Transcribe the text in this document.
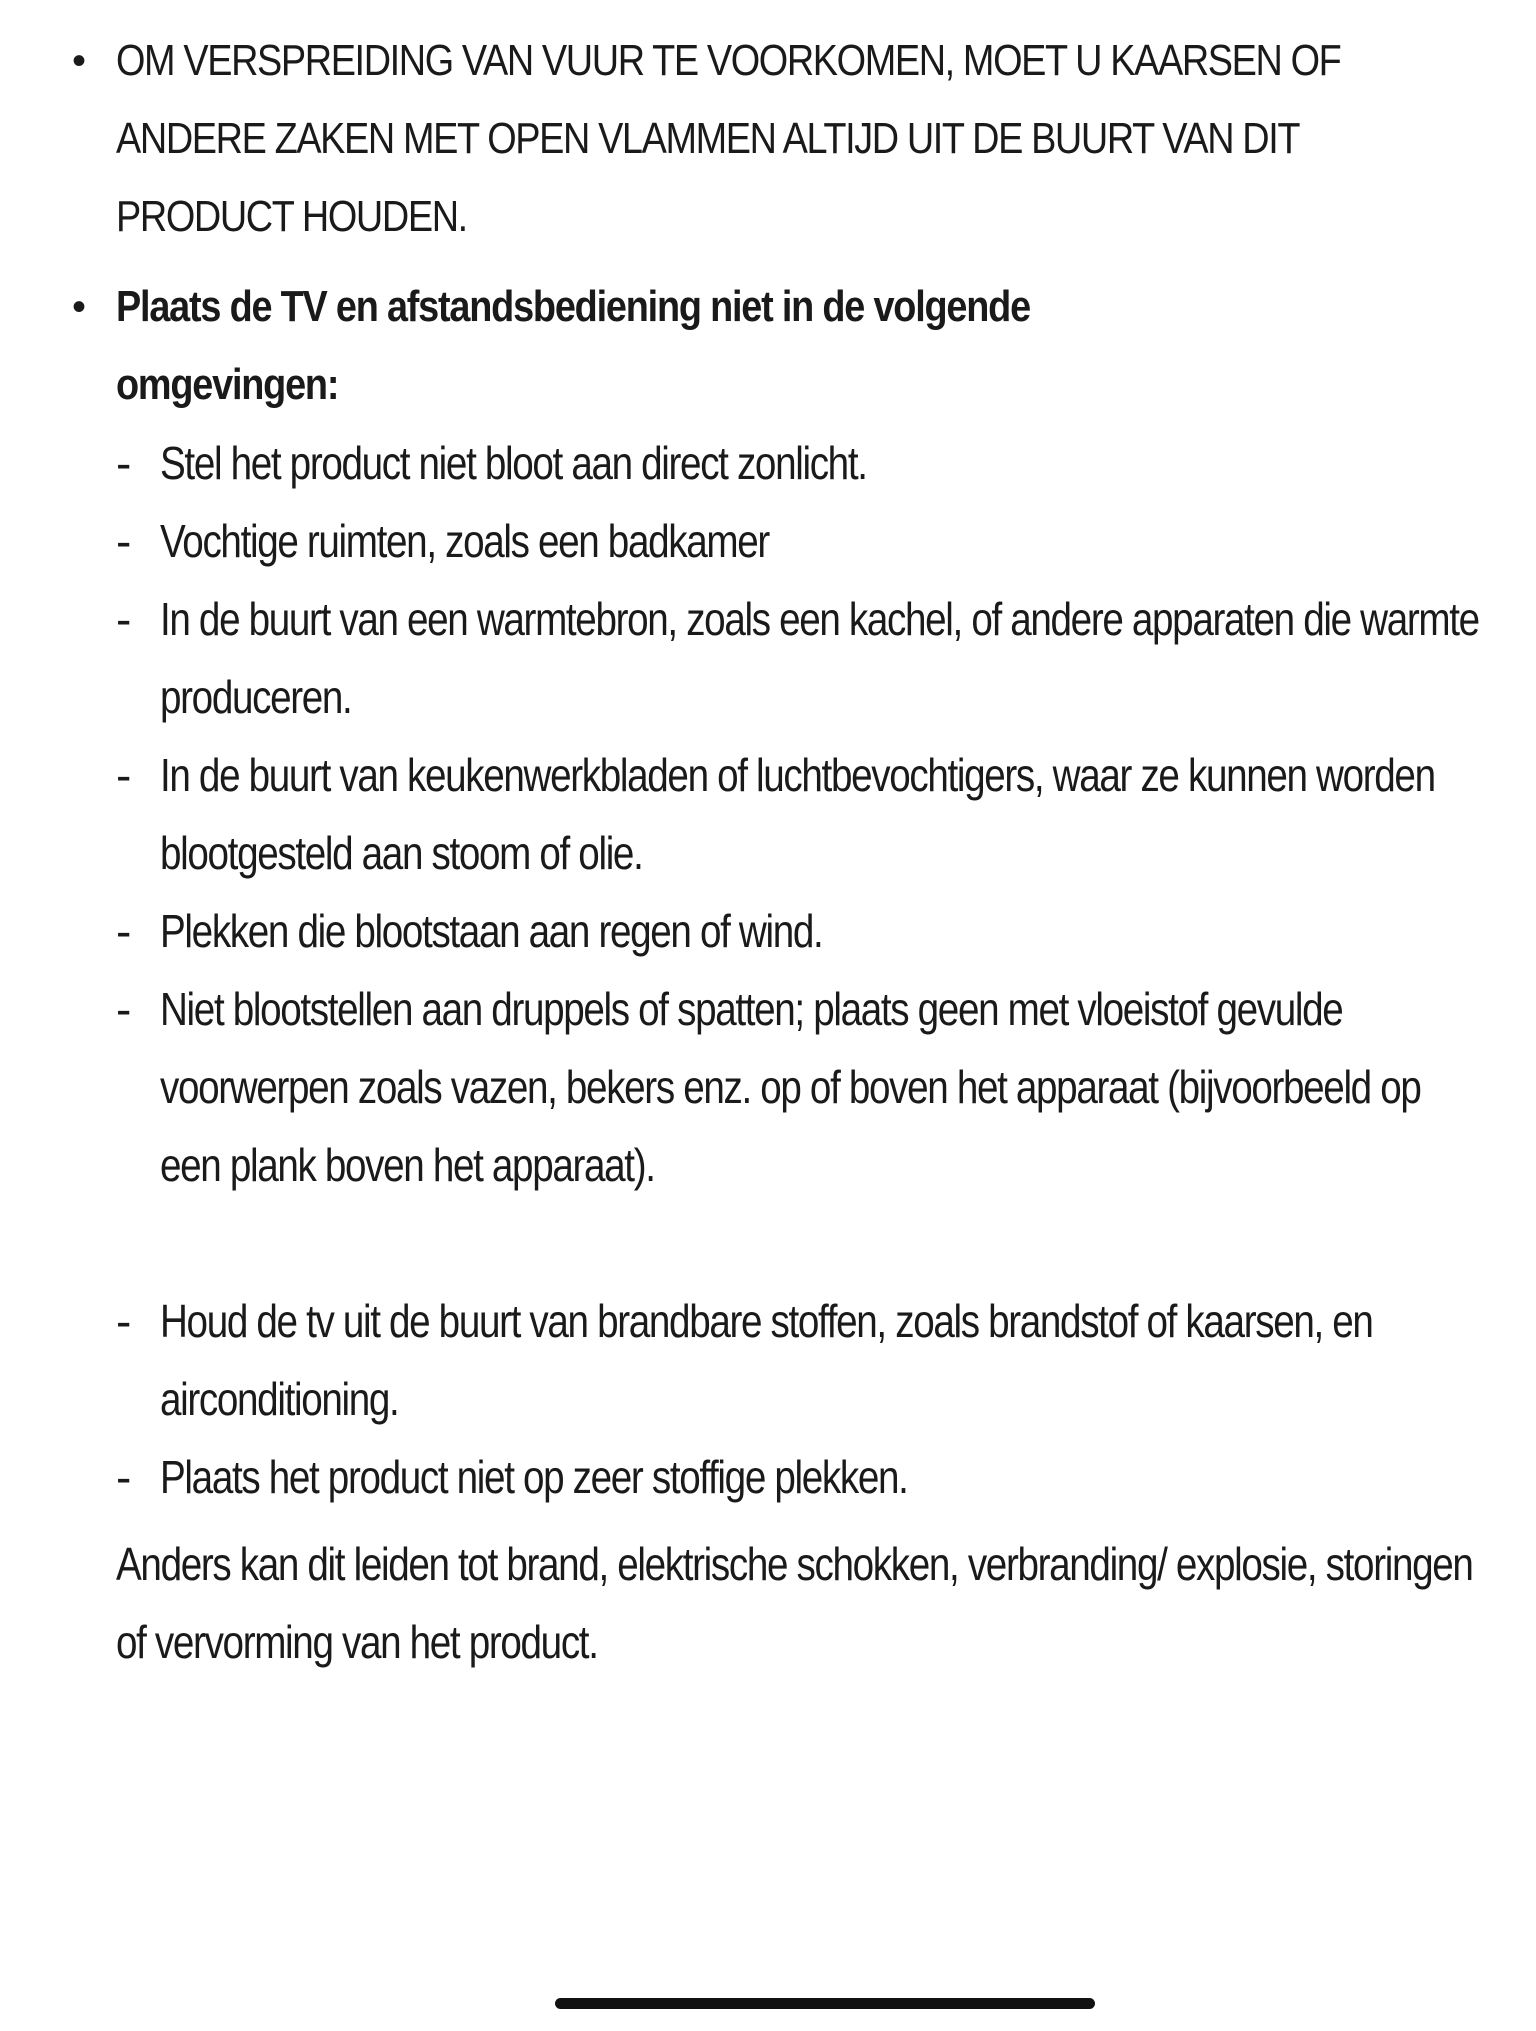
• OM VERSPREIDING VAN VUUR TE VOORKOMEN, MOET U KAARSEN OF ANDERE ZAKEN MET OPEN VLAMMEN ALTIJD UIT DE BUURT VAN DIT PRODUCT HOUDEN.
• Plaats de TV en afstandsbediening niet in de volgende omgevingen:
- Stel het product niet bloot aan direct zonlicht.
- Vochtige ruimten, zoals een badkamer
- In de buurt van een warmtebron, zoals een kachel, of andere apparaten die warmte produceren.
- In de buurt van keukenwerkbladen of luchtbevochtigers, waar ze kunnen worden blootgesteld aan stoom of olie.
- Plekken die blootstaan aan regen of wind.
- Niet blootstellen aan druppels of spatten; plaats geen met vloeistof gevulde voorwerpen zoals vazen, bekers enz. op of boven het apparaat (bijvoorbeeld op een plank boven het apparaat).
- Houd de tv uit de buurt van brandbare stoffen, zoals brandstof of kaarsen, en airconditioning.
- Plaats het product niet op zeer stoffige plekken.
Anders kan dit leiden tot brand, elektrische schokken, verbranding/ explosie, storingen of vervorming van het product.
